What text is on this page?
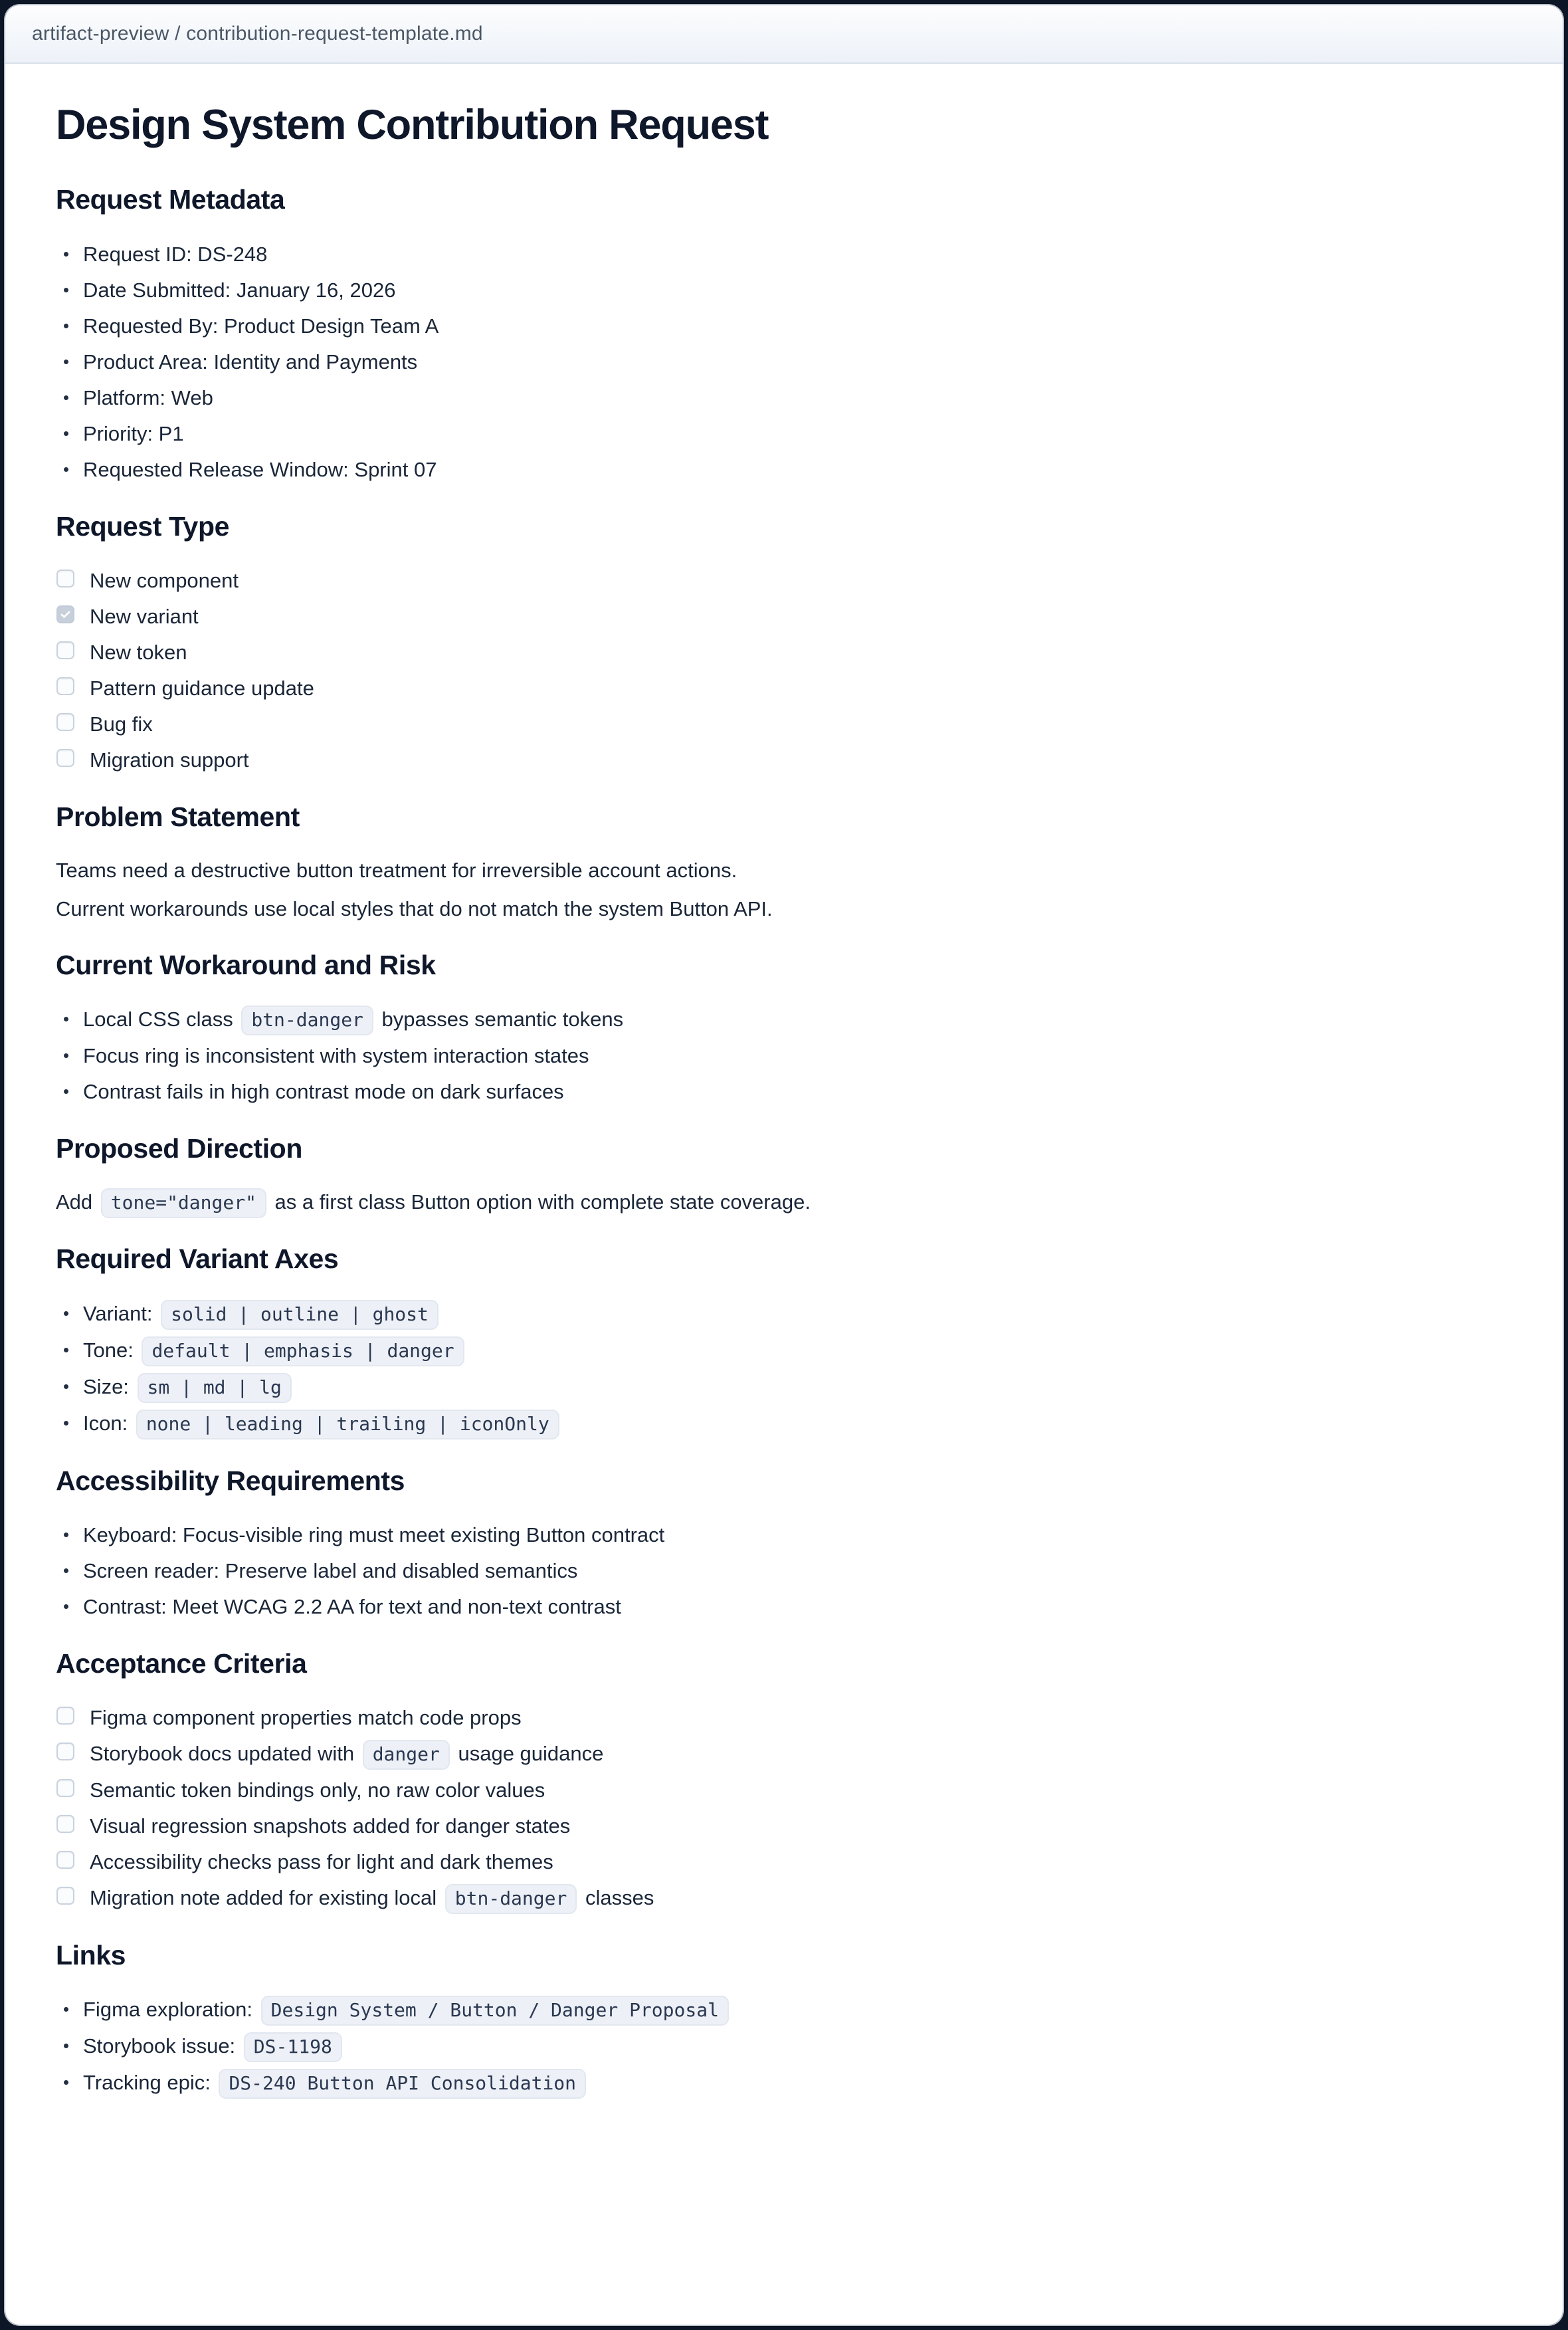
artifact-preview / contribution-request-template.md
Design System Contribution Request
Request Metadata
Request ID: DS-248
Date Submitted: January 16, 2026
Requested By: Product Design Team A
Product Area: Identity and Payments
Platform: Web
Priority: P1
Requested Release Window: Sprint 07
Request Type
New component
New variant
New token
Pattern guidance update
Bug fix
Migration support
Problem Statement

Teams need a destructive button treatment for irreversible account actions.

Current workarounds use local styles that do not match the system Button API.

Current Workaround and Risk
Local CSS class btn-danger bypasses semantic tokens
Focus ring is inconsistent with system interaction states
Contrast fails in high contrast mode on dark surfaces
Proposed Direction

Add tone="danger" as a first class Button option with complete state coverage.

Required Variant Axes
Variant: solid | outline | ghost
Tone: default | emphasis | danger
Size: sm | md | lg
Icon: none | leading | trailing | iconOnly
Accessibility Requirements
Keyboard: Focus-visible ring must meet existing Button contract
Screen reader: Preserve label and disabled semantics
Contrast: Meet WCAG 2.2 AA for text and non-text contrast
Acceptance Criteria
Figma component properties match code props
Storybook docs updated with danger usage guidance
Semantic token bindings only, no raw color values
Visual regression snapshots added for danger states
Accessibility checks pass for light and dark themes
Migration note added for existing local btn-danger classes
Links
Figma exploration: Design System / Button / Danger Proposal
Storybook issue: DS-1198
Tracking epic: DS-240 Button API Consolidation
